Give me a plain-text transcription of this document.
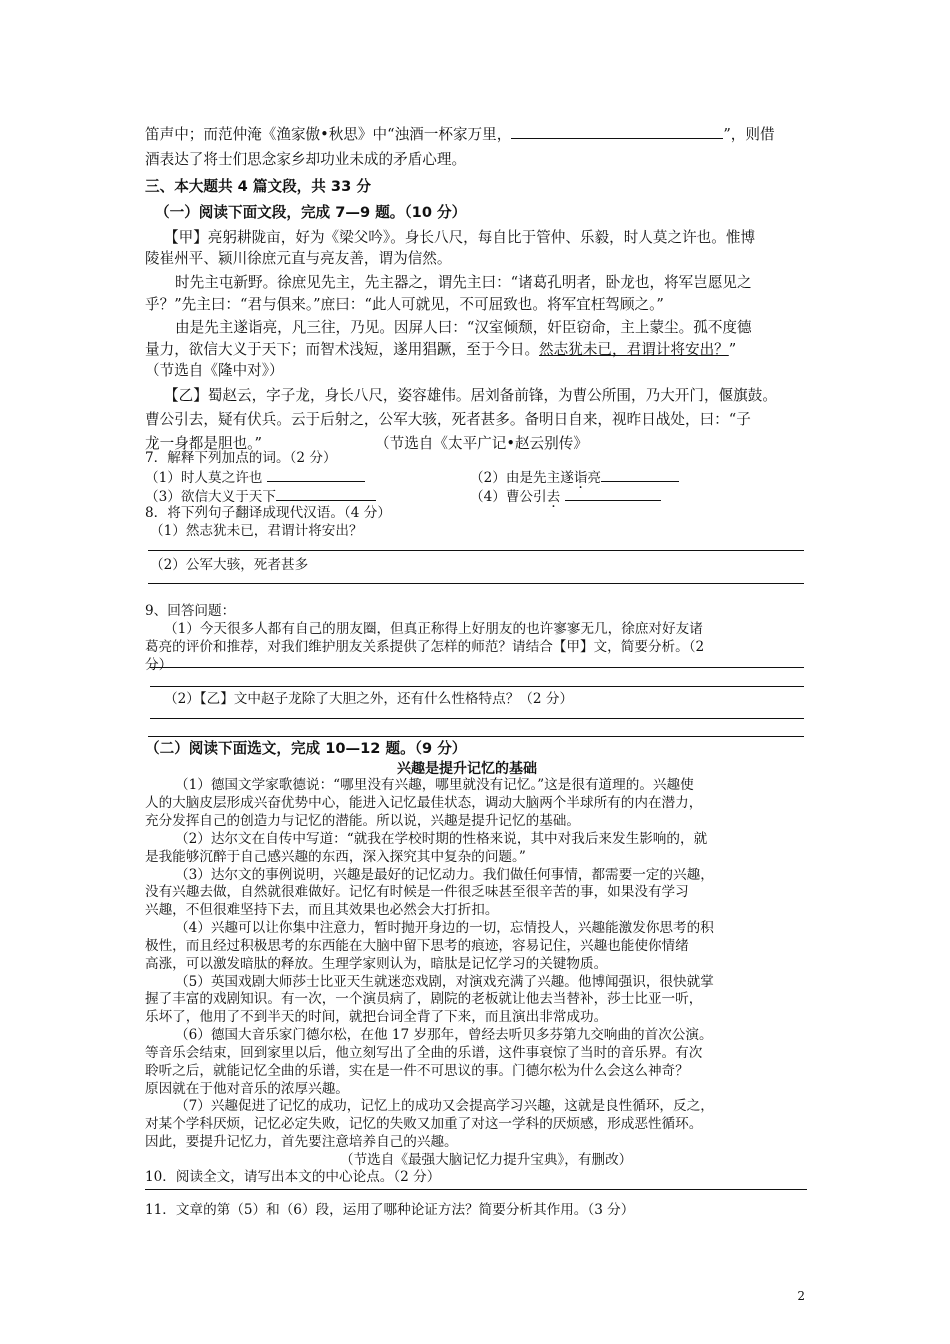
笛声中；而范仲淹《渔家傲•秋思》中“浊酒一杯家万里，	”，则借
酒表达了将士们思念家乡却功业未成的矛盾心理。
三、本大题共 4 篇文段，共 33 分
（一）阅读下面文段，完成 7—9 题。（10 分）
【甲】亮躬耕陇亩，好为《梁父吟》。身长八尺，每自比于管仲、乐毅，时人莫之许也。惟博
陵崔州平、颍川徐庶元直与亮友善，谓为信然。
时先主屯新野。徐庶见先主，先主器之，谓先主曰：“诸葛孔明者，卧龙也，将军岂愿见之
乎？”先主曰：“君与俱来。”庶曰：“此人可就见，不可屈致也。将军宜枉驾顾之。”
由是先主遂诣亮，凡三往，乃见。因屏人曰：“汉室倾颓，奸臣窃命，主上蒙尘。孤不度德
量力，欲信大义于天下；而智术浅短，遂用猖蹶，至于今日。然志犹未已，君谓计将安出？”
（节选自《隆中对》）
【乙】蜀赵云，字子龙，身长八尺，姿容雄伟。居刘备前锋，为曹公所围，乃大开门，偃旗鼓。
曹公引去，疑有伏兵。云于后射之，公军大骇，死者甚多。备明日自来，视昨日战处，曰：“子
龙一身都是胆也。”	（节选自《太平广记•赵云别传》
7．解释下列加点的词。（2 分）
（1）时人莫之许也	（2）由是先主遂诣亮
（3）欲信大义于天下	（4）曹公引去
8．将下列句子翻译成现代汉语。（4 分）
（1）然志犹未已，君谓计将安出？
（2）公军大骇，死者甚多
9、回答问题：
（1）今天很多人都有自己的朋友圈，但真正称得上好朋友的也许寥寥无几，徐庶对好友诸
葛亮的评价和推荐，对我们维护朋友关系提供了怎样的师范？请结合【甲】文，简要分析。（2
分）
（2）【乙】文中赵子龙除了大胆之外，还有什么性格特点？（2 分）
（二）阅读下面选文，完成 10—12 题。（9 分）
兴趣是提升记忆的基础
（1）德国文学家歌德说：“哪里没有兴趣，哪里就没有记忆。”这是很有道理的。兴趣使
人的大脑皮层形成兴奋优势中心，能进入记忆最佳状态，调动大脑两个半球所有的内在潜力，
充分发挥自己的创造力与记忆的潜能。所以说，兴趣是提升记忆的基础。
（2）达尔文在自传中写道：“就我在学校时期的性格来说，其中对我后来发生影响的，就
是我能够沉醉于自己感兴趣的东西，深入探究其中复杂的问题。”
（3）达尔文的事例说明，兴趣是最好的记忆动力。我们做任何事情，都需要一定的兴趣，
没有兴趣去做，自然就很难做好。记忆有时候是一件很乏味甚至很辛苦的事，如果没有学习
兴趣，不但很难坚持下去，而且其效果也必然会大打折扣。
（4）兴趣可以让你集中注意力，暂时抛开身边的一切，忘情投人，兴趣能激发你思考的积
极性，而且经过积极思考的东西能在大脑中留下思考的痕迹，容易记住，兴趣也能使你情绪
高涨，可以激发暗肽的释放。生理学家则认为，暗肽是记忆学习的关键物质。
（5）英国戏剧大师莎士比亚天生就迷恋戏剧，对演戏充满了兴趣。他博闻强识，很快就掌
握了丰富的戏剧知识。有一次，一个演员病了，剧院的老板就让他去当替补，莎士比亚一听，
乐坏了，他用了不到半天的时间，就把台词全背了下来，而且演出非常成功。
（6）德国大音乐家门德尔松，在他 17 岁那年，曾经去听贝多芬第九交响曲的首次公演。
等音乐会结束，回到家里以后，他立刻写出了全曲的乐谱，这件事衰惊了当时的音乐界。有次
聆听之后，就能记忆全曲的乐谱，实在是一件不可思议的事。门德尔松为什么会这么神奇？
原因就在于他对音乐的浓厚兴趣。
（7）兴趣促进了记忆的成功，记忆上的成功又会提高学习兴趣，这就是良性循环，反之，
对某个学科厌烦，记忆必定失败，记忆的失败又加重了对这一学科的厌烦感，形成恶性循环。
因此，要提升记忆力，首先要注意培养自己的兴趣。
（节选自《最强大脑记忆力提升宝典》，有删改）
10．阅读全文，请写出本文的中心论点。（2 分）
11．文章的第（5）和（6）段，运用了哪种论证方法？简要分析其作用。（3 分）
2
